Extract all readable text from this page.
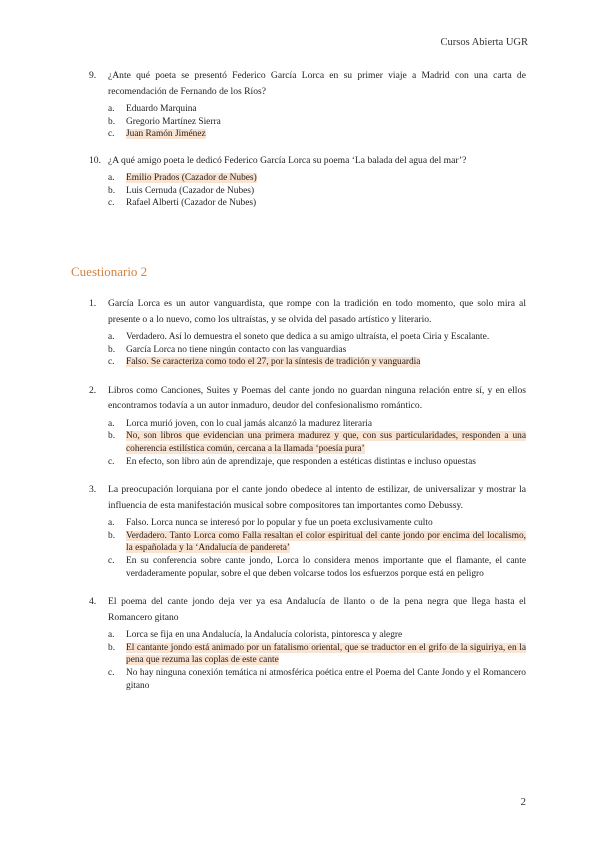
Cursos Abierta UGR
9. ¿Ante qué poeta se presentó Federico García Lorca en su primer viaje a Madrid con una carta de recomendación de Fernando de los Ríos?
a. Eduardo Marquina
b. Gregorio Martínez Sierra
c. Juan Ramón Jiménez
10. ¿A qué amigo poeta le dedicó Federico García Lorca su poema ‘La balada del agua del mar’?
a. Emilio Prados (Cazador de Nubes)
b. Luis Cernuda (Cazador de Nubes)
c. Rafael Alberti (Cazador de Nubes)
Cuestionario 2
1. García Lorca es un autor vanguardista, que rompe con la tradición en todo momento, que solo mira al presente o a lo nuevo, como los ultraístas, y se olvida del pasado artístico y literario.
a. Verdadero. Así lo demuestra el soneto que dedica a su amigo ultraísta, el poeta Ciria y Escalante.
b. García Lorca no tiene ningún contacto con las vanguardias
c. Falso. Se caracteriza como todo el 27, por la síntesis de tradición y vanguardia
2. Libros como Canciones, Suites y Poemas del cante jondo no guardan ninguna relación entre sí, y en ellos encontramos todavía a un autor inmaduro, deudor del confesionalismo romántico.
a. Lorca murió joven, con lo cual jamás alcanzó la madurez literaria
b. No, son libros que evidencian una primera madurez y que, con sus particularidades, responden a una coherencia estilística común, cercana a la llamada ‘poesía pura’
c. En efecto, son libro aún de aprendizaje, que responden a estéticas distintas e incluso opuestas
3. La preocupación lorquiana por el cante jondo obedece al intento de estilizar, de universalizar y mostrar la influencia de esta manifestación musical sobre compositores tan importantes como Debussy.
a. Falso. Lorca nunca se interesó por lo popular y fue un poeta exclusivamente culto
b. Verdadero. Tanto Lorca como Falla resaltan el color espiritual del cante jondo por encima del localismo, la españolada y la ‘Andalucía de pandereta’
c. En su conferencia sobre cante jondo, Lorca lo considera menos importante que el flamante, el cante verdaderamente popular, sobre el que deben volcarse todos los esfuerzos porque está en peligro
4. El poema del cante jondo deja ver ya esa Andalucía de llanto o de la pena negra que llega hasta el Romancero gitano
a. Lorca se fija en una Andalucía, la Andalucía colorista, pintoresca y alegre
b. El cantante jondo está animado por un fatalismo oriental, que se traductor en el grifo de la siguiriya, en la pena que rezuma las coplas de este cante
c. No hay ninguna conexión temática ni atmosférica poética entre el Poema del Cante Jondo y el Romancero gitano
2
